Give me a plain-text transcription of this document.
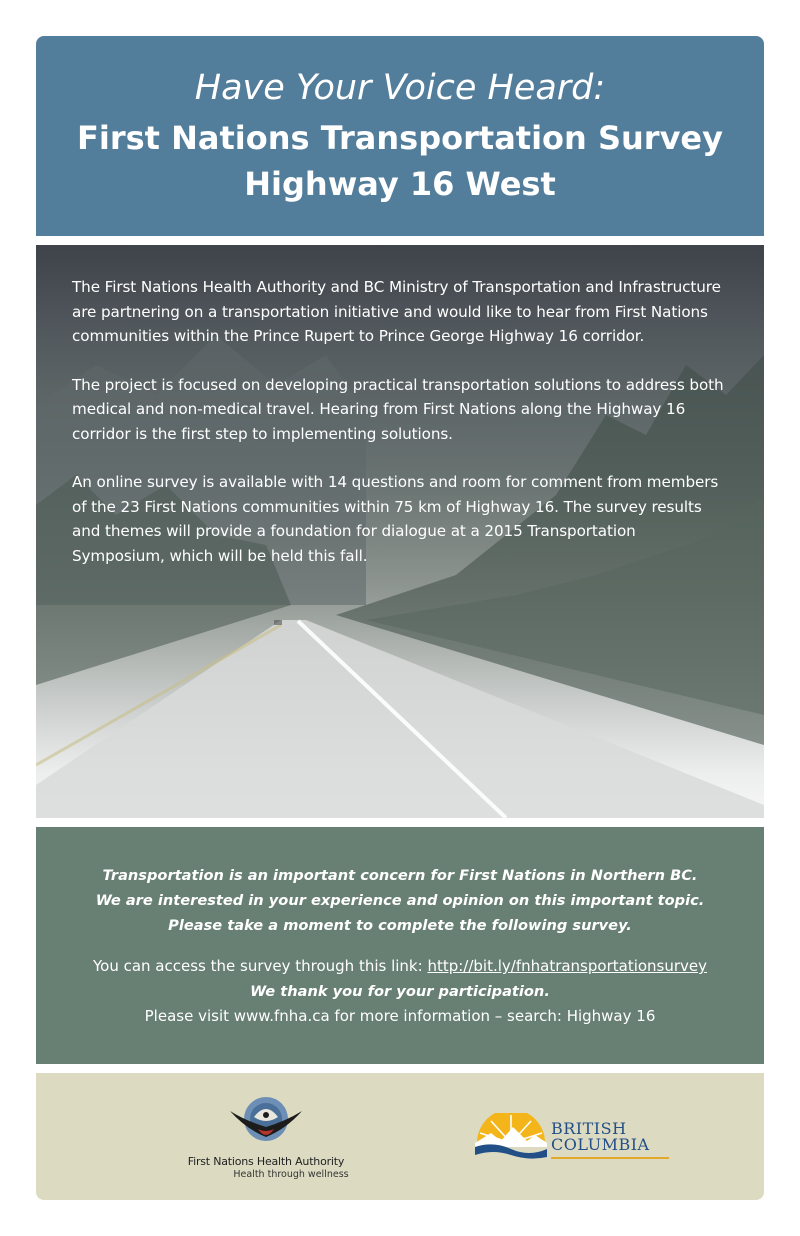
Have Your Voice Heard:
First Nations Transportation Survey
Highway 16 West

The First Nations Health Authority and BC Ministry of Transportation and Infrastructure are partnering on a transportation initiative and would like to hear from First Nations communities within the Prince Rupert to Prince George Highway 16 corridor.

The project is focused on developing practical transportation solutions to address both medical and non-medical travel. Hearing from First Nations along the Highway 16 corridor is the first step to implementing solutions.

An online survey is available with 14 questions and room for comment from members of the 23 First Nations communities within 75 km of Highway 16. The survey results and themes will provide a foundation for dialogue at a 2015 Transportation Symposium, which will be held this fall.

Transportation is an important concern for First Nations in Northern BC.
We are interested in your experience and opinion on this important topic.
Please take a moment to complete the following survey.
You can access the survey through this link: http://bit.ly/fnhatransportationsurvey
We thank you for your participation.
Please visit www.fnha.ca for more information – search: Highway 16
First Nations Health Authority
Health through wellness
BRITISH
COLUMBIA
